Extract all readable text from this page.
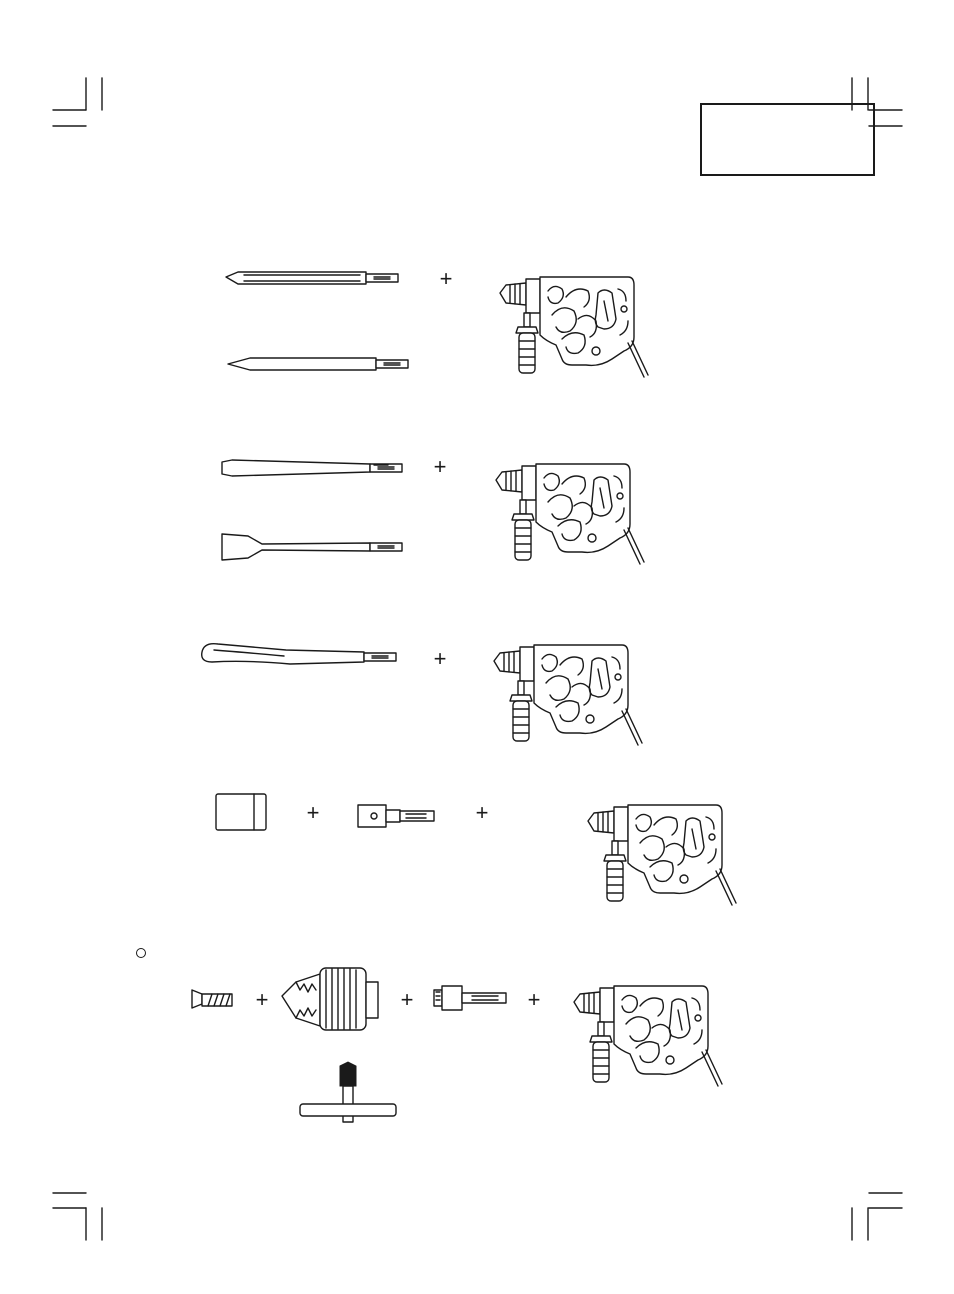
+
+
+
+	+
+	+	+
